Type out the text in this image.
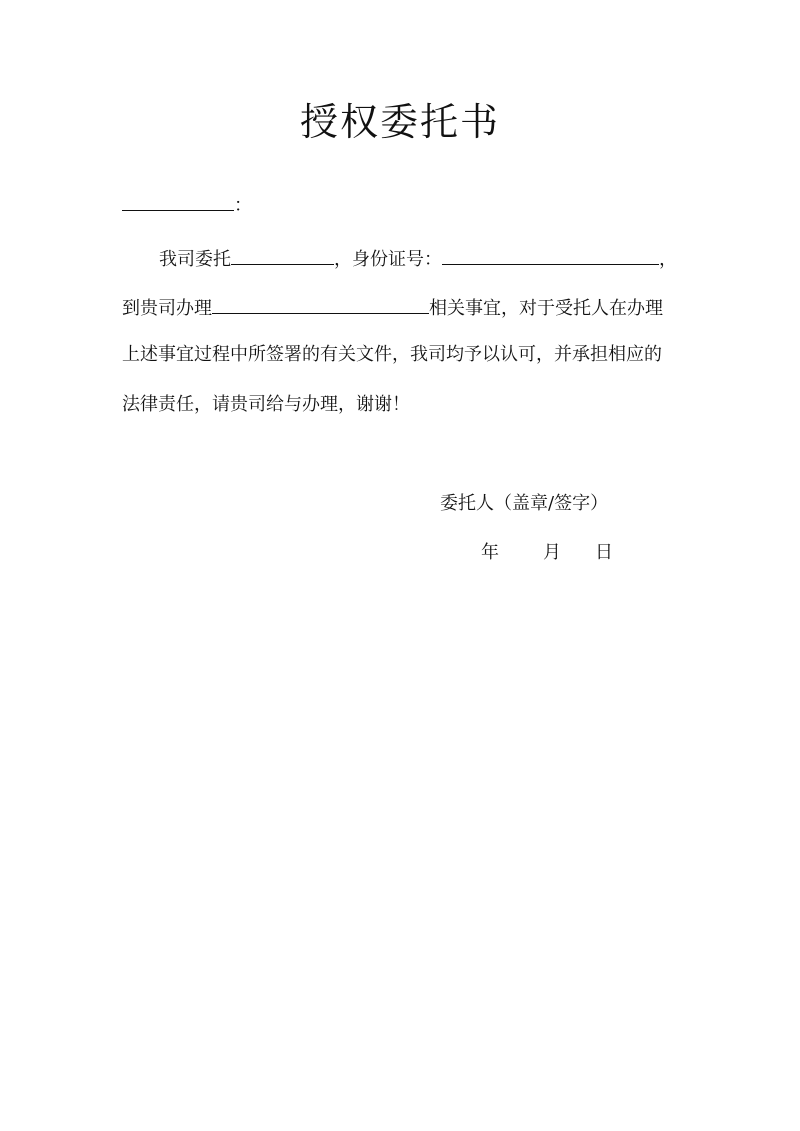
授权委托书
：
我司委托	，身份证号：	，
到贵司办理	相关事宜，对于受托人在办理
上述事宜过程中所签署的有关文件，我司均予以认可，并承担相应的
法律责任，请贵司给与办理，谢谢！
委托人（盖章/签字）
年 月 日
